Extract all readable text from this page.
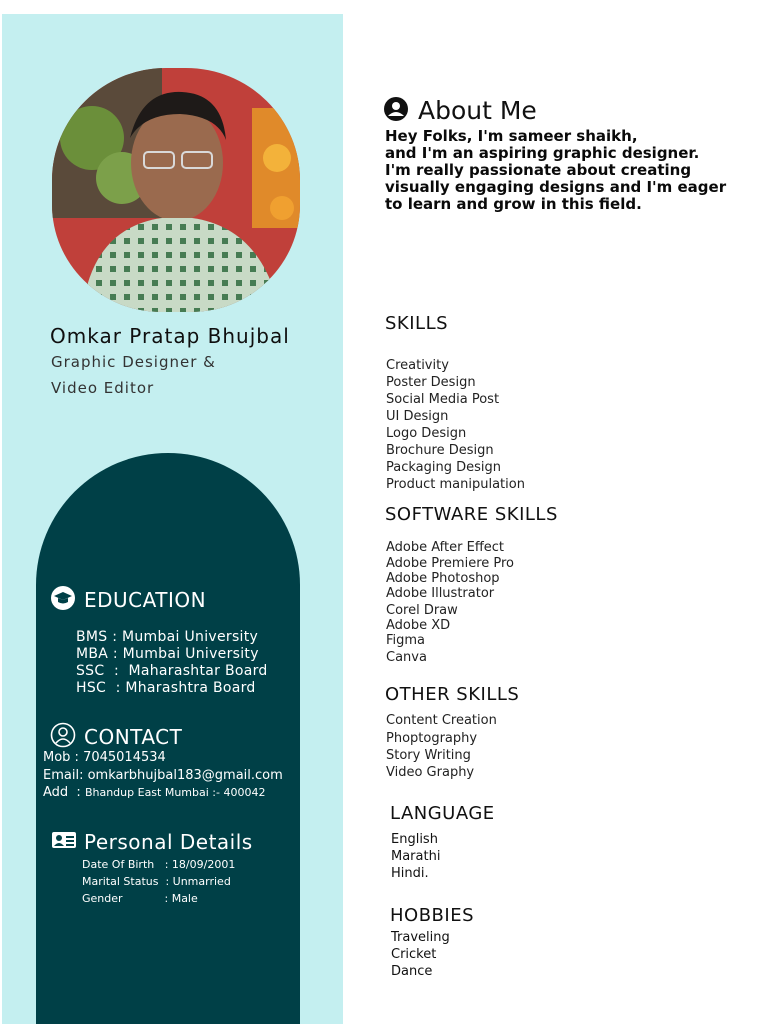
Omkar Pratap Bhujbal
Graphic Designer &
Video Editor
EDUCATION
BMS : Mumbai University
MBA : Mumbai University
SSC  :  Maharashtar Board
HSC  : Mharashtra Board
CONTACT
Mob : 7045014534
Email: omkarbhujbal183@gmail.com
Add  : Bhandup East Mumbai :- 400042
Personal Details
Date Of Birth   : 18/09/2001
Marital Status  : Unmarried
Gender            : Male
About Me
Hey Folks, I'm sameer shaikh,
and I'm an aspiring graphic designer.
I'm really passionate about creating
visually engaging designs and I'm eager
to learn and grow in this field.
SKILLS
Creativity
Poster Design
Social Media Post
UI Design
Logo Design
Brochure Design
Packaging Design
Product manipulation
SOFTWARE SKILLS
Adobe After Effect
Adobe Premiere Pro
Adobe Photoshop
Adobe Illustrator
Corel Draw
Adobe XD
Figma
Canva
OTHER SKILLS
Content Creation
Phoptography
Story Writing
Video Graphy
LANGUAGE
English
Marathi
Hindi.
HOBBIES
Traveling
Cricket
Dance
